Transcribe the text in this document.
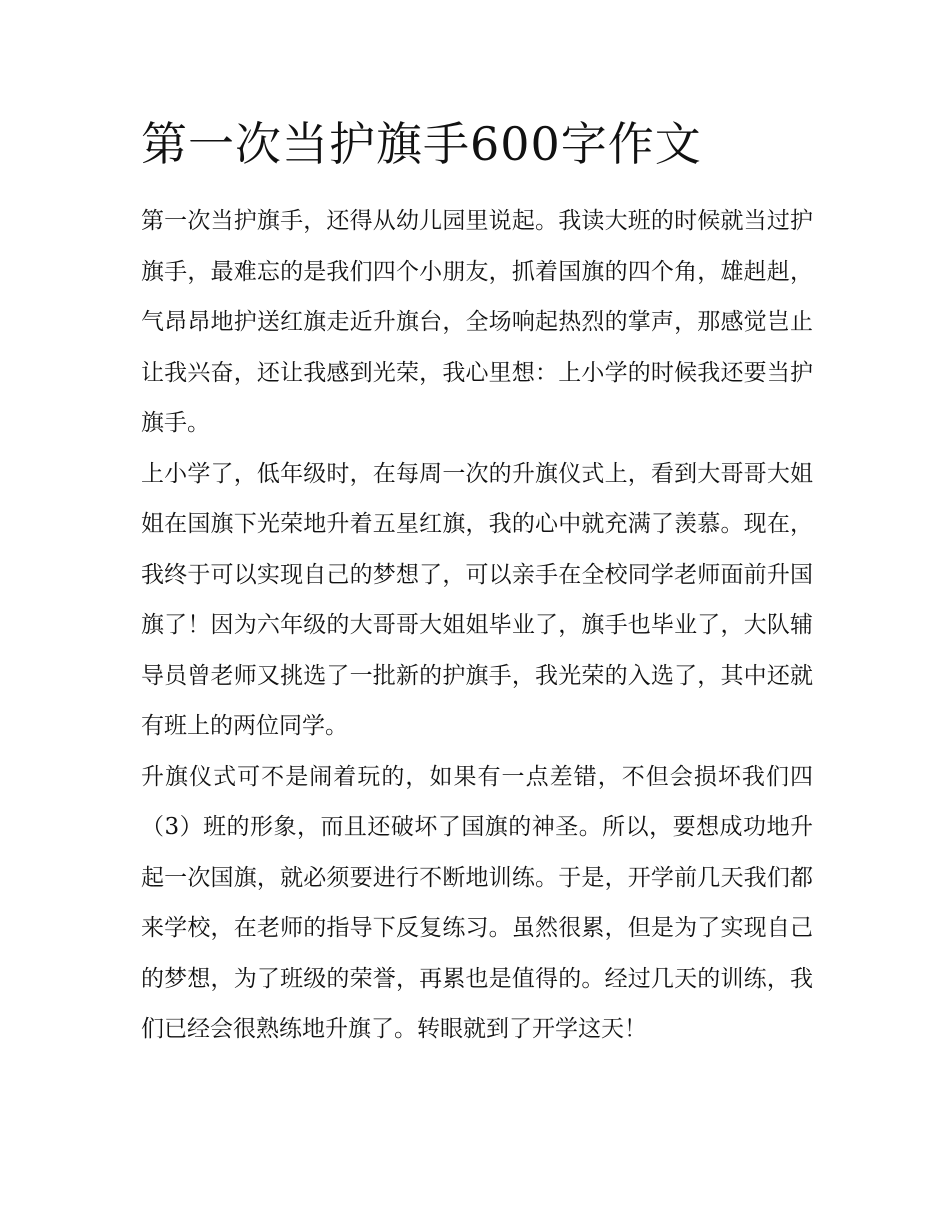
第一次当护旗手600字作文

第一次当护旗手，还得从幼儿园里说起。我读大班的时候就当过护旗手，最难忘的是我们四个小朋友，抓着国旗的四个角，雄赳赳，气昂昂地护送红旗走近升旗台，全场响起热烈的掌声，那感觉岂止让我兴奋，还让我感到光荣，我心里想：上小学的时候我还要当护旗手。

上小学了，低年级时，在每周一次的升旗仪式上，看到大哥哥大姐姐在国旗下光荣地升着五星红旗，我的心中就充满了羡慕。现在，我终于可以实现自己的梦想了，可以亲手在全校同学老师面前升国旗了！因为六年级的大哥哥大姐姐毕业了，旗手也毕业了，大队辅导员曾老师又挑选了一批新的护旗手，我光荣的入选了，其中还就有班上的两位同学。

升旗仪式可不是闹着玩的，如果有一点差错，不但会损坏我们四（3）班的形象，而且还破坏了国旗的神圣。所以，要想成功地升起一次国旗，就必须要进行不断地训练。于是，开学前几天我们都来学校，在老师的指导下反复练习。虽然很累，但是为了实现自己的梦想，为了班级的荣誉，再累也是值得的。经过几天的训练，我们已经会很熟练地升旗了。转眼就到了开学这天！
